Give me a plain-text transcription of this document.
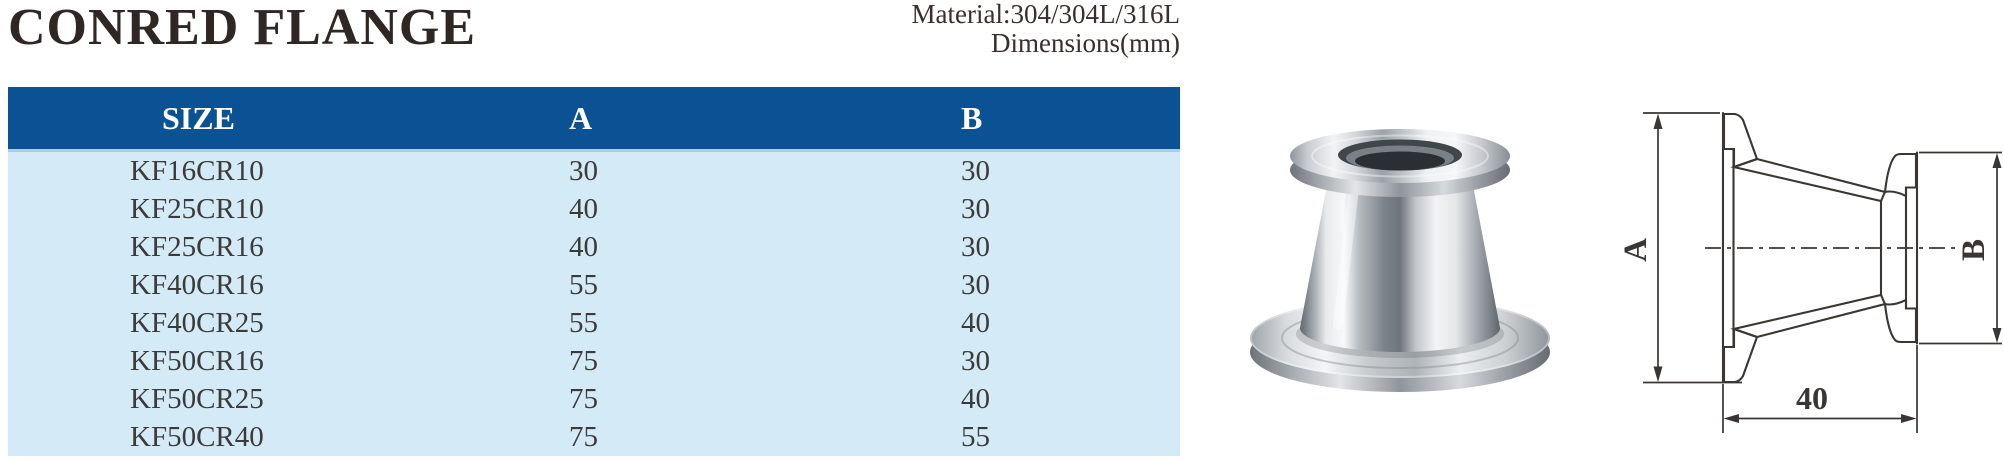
CONRED FLANGE	Material:304/304L/316L
Dimensions(mm)
SIZE	A	B
KF16CR10	30	30
KF25CR10	40	30
KF25CR16	40	30
KF40CR16	55	30
KF40CR25	55	40
KF50CR16	75	30
KF50CR25	75	40
KF50CR40	75	55
A	B
40
